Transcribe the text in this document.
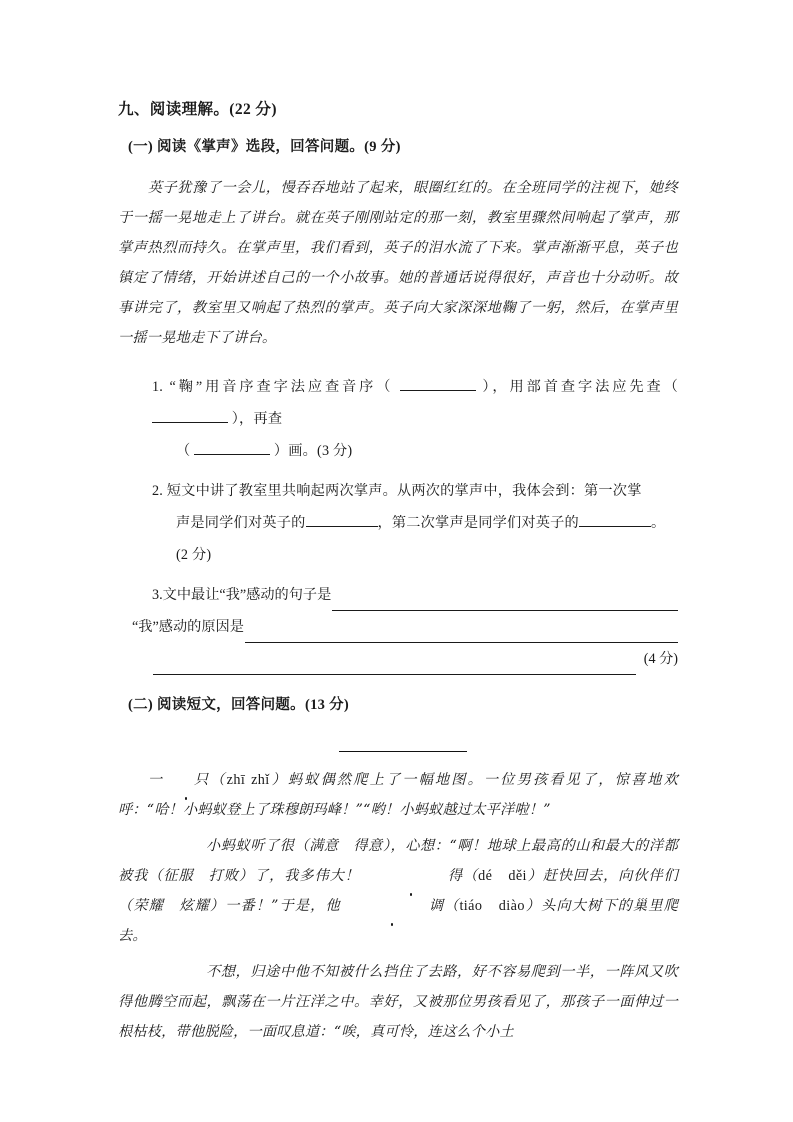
九、阅读理解。(22 分)
(一) 阅读《掌声》选段，回答问题。(9 分)

英子犹豫了一会儿，慢吞吞地站了起来，眼圈红红的。在全班同学的注视下，她终于一摇一晃地走上了讲台。就在英子刚刚站定的那一刻，教室里骤然间响起了掌声，那掌声热烈而持久。在掌声里，我们看到，英子的泪水流了下来。掌声渐渐平息，英子也镇定了情绪，开始讲述自己的一个小故事。她的普通话说得很好，声音也十分动听。故事讲完了，教室里又响起了热烈的掌声。英子向大家深深地鞠了一躬，然后，在掌声里一摇一晃地走下了讲台。

1. “鞠”用音序查字法应查音序（	），用部首查字法应先查（  ），再查
（	）画。(3 分)
2. 短文中讲了教室里共响起两次掌声。从两次的掌声中，我体会到：第一次掌
声是同学们对英子的	，第二次掌声是同学们对英子的	。
(2 分)
3. 文中最让“我”感动的句子是
“我”感动的原因是
(4 分)
(二) 阅读短文，回答问题。(13 分)

一 只（zhī zhǐ）蚂蚁偶然爬上了一幅地图。一位男孩看见了，惊喜地欢呼：“哈！小蚂蚁登上了珠穆朗玛峰！”“哟！小蚂蚁越过太平洋啦！”

小蚂蚁听了很（满意　得意），心想：“啊！地球上最高的山和最大的洋都被我（征服　打败）了，我多伟大！	得（dé　děi）赶快回去，向伙伴们（荣耀　炫耀）一番！”于是，他	调（tiáo　diào）头向大树下的巢里爬去。

不想，归途中他不知被什么挡住了去路，好不容易爬到一半，一阵风又吹得他腾空而起，飘荡在一片汪洋之中。幸好，又被那位男孩看见了，那孩子一面伸过一根枯枝，带他脱险，一面叹息道：“唉，真可怜，连这么个小土
